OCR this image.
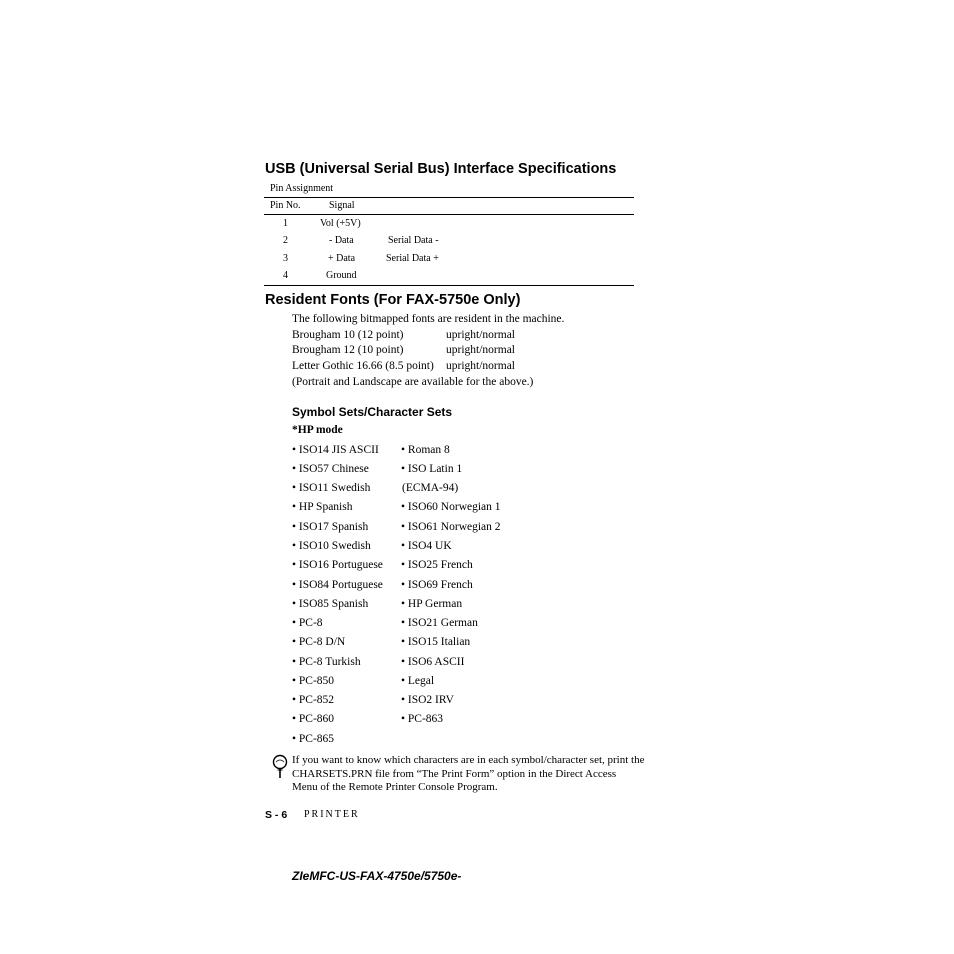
USB (Universal Serial Bus) Interface Specifications
Pin Assignment
Pin No.	Signal
1	Vol (+5V)
2	- Data	Serial Data -
3	+ Data	Serial Data +
4	Ground
Resident Fonts (For FAX-5750e Only)
The following bitmapped fonts are resident in the machine.
Brougham 10 (12 point)	upright/normal
Brougham 12 (10 point)	upright/normal
Letter Gothic 16.66 (8.5 point) upright/normal
(Portrait and Landscape are available for the above.)
Symbol Sets/Character Sets
*HP mode
• ISO14 JIS ASCII
• ISO57 Chinese
• ISO11 Swedish
• HP Spanish
• ISO17 Spanish
• ISO10 Swedish
• ISO16 Portuguese
• ISO84 Portuguese
• ISO85 Spanish
• PC-8
• PC-8 D/N
• PC-8 Turkish
• PC-850
• PC-852
• PC-860
• PC-865
• Roman 8
• ISO Latin 1
(ECMA-94)
• ISO60 Norwegian 1
• ISO61 Norwegian 2
• ISO4 UK
• ISO25 French
• ISO69 French
• HP German
• ISO21 German
• ISO15 Italian
• ISO6 ASCII
• Legal
• ISO2 IRV
• PC-863
If you want to know which characters are in each symbol/character set, print the
CHARSETS.PRN file from “The Print Form” option in the Direct Access
Menu of the Remote Printer Console Program.
S - 6 PRINTER
ZIeMFC-US-FAX-4750e/5750e-
